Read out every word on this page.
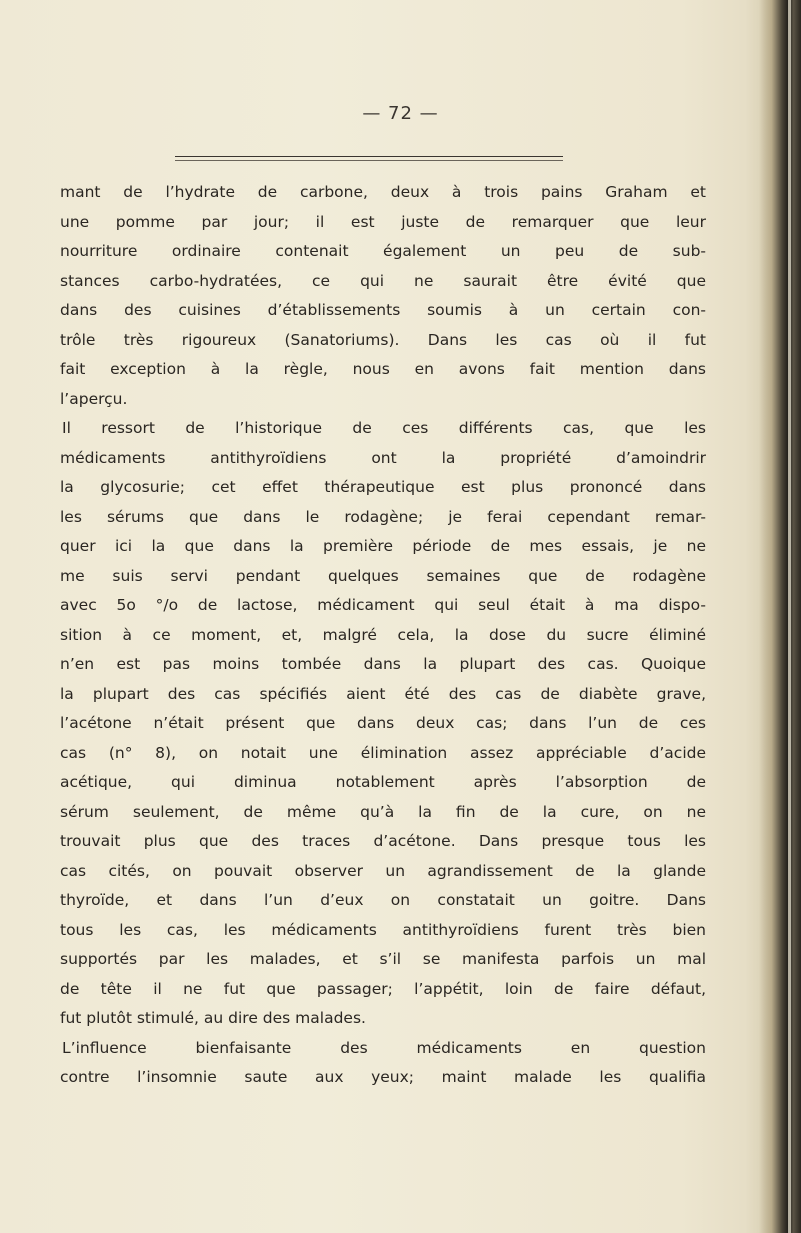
— 72 —
mant de l’hydrate de carbone, deux à trois pains Graham et
une pomme par jour; il est juste de remarquer que leur
nourriture ordinaire contenait également un peu de sub-
stances carbo-hydratées, ce qui ne saurait être évité que
dans des cuisines d’établissements soumis à un certain con-
trôle très rigoureux (Sanatoriums). Dans les cas où il fut
fait exception à la règle, nous en avons fait mention dans
l’aperçu.
Il ressort de l’historique de ces différents cas, que les
médicaments antithyroïdiens ont la propriété d’amoindrir
la glycosurie; cet effet thérapeutique est plus prononcé dans
les sérums que dans le rodagène; je ferai cependant remar-
quer ici la que dans la première période de mes essais, je ne
me suis servi pendant quelques semaines que de rodagène
avec 5o °/o de lactose, médicament qui seul était à ma dispo-
sition à ce moment, et, malgré cela, la dose du sucre éliminé
n’en est pas moins tombée dans la plupart des cas. Quoique
la plupart des cas spécifiés aient été des cas de diabète grave,
l’acétone n’était présent que dans deux cas; dans l’un de ces
cas (n° 8), on notait une élimination assez appréciable d’acide
acétique, qui diminua notablement après l’absorption de
sérum seulement, de même qu’à la fin de la cure, on ne
trouvait plus que des traces d’acétone. Dans presque tous les
cas cités, on pouvait observer un agrandissement de la glande
thyroïde, et dans l’un d’eux on constatait un goitre. Dans
tous les cas, les médicaments antithyroïdiens furent très bien
supportés par les malades, et s’il se manifesta parfois un mal
de tête il ne fut que passager; l’appétit, loin de faire défaut,
fut plutôt stimulé, au dire des malades.
L’influence bienfaisante des médicaments en question
contre l’insomnie saute aux yeux; maint malade les qualifia
